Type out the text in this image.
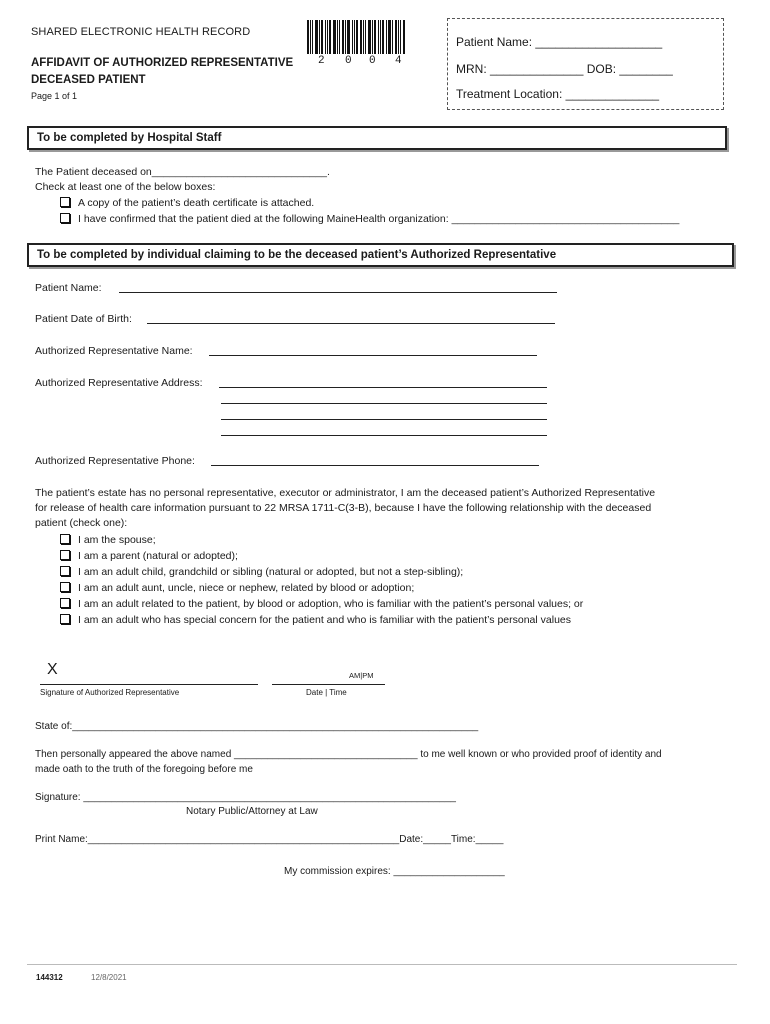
SHARED ELECTRONIC HEALTH RECORD
AFFIDAVIT OF AUTHORIZED REPRESENTATIVE
DECEASED PATIENT
Page 1 of 1
2 0 0 4
Patient Name: ___________________
MRN: ______________ DOB: ________
Treatment Location: ______________
To be completed by Hospital Staff
The Patient deceased on______________________________.
Check at least one of the below boxes:
A copy of the patient’s death certificate is attached.
I have confirmed that the patient died at the following MaineHealth organization: _______________________________________
To be completed by individual claiming to be the deceased patient’s Authorized Representative
Patient Name:
Patient Date of Birth:
Authorized Representative Name:
Authorized Representative Address:
Authorized Representative Phone:
The patient’s estate has no personal representative, executor or administrator, I am the deceased patient’s Authorized Representative
for release of health care information pursuant to 22 MRSA 1711-C(3-B), because I have the following relationship with the deceased
patient (check one):
I am the spouse;
I am a parent (natural or adopted);
I am an adult child, grandchild or sibling (natural or adopted, but not a step-sibling);
I am an adult aunt, uncle, niece or nephew, related by blood or adoption;
I am an adult related to the patient, by blood or adoption, who is familiar with the patient’s personal values; or
I am an adult who has special concern for the patient and who is familiar with the patient’s personal values
X	AM|PM
Signature of Authorized Representative	Date | Time
State of:_________________________________________________________________________
Then personally appeared the above named _________________________________ to me well known or who provided proof of identity and
made oath to the truth of the foregoing before me
Signature: ___________________________________________________________________
Notary Public/Attorney at Law
Print Name:________________________________________________________Date:_____Time:_____
My commission expires: ____________________
144312	12/8/2021
